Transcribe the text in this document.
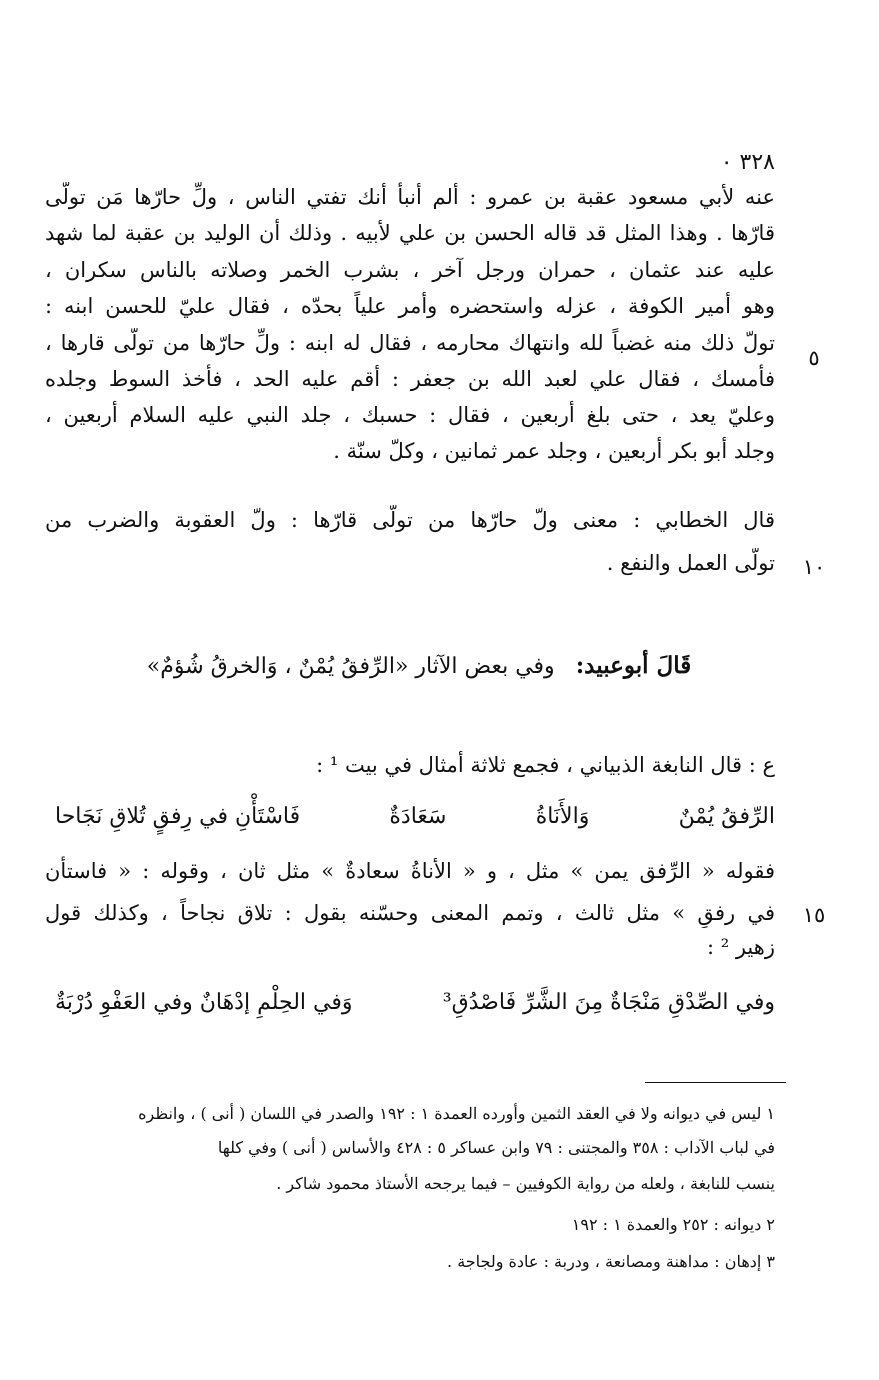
٣٢٨ ٠
عنه لأبي مسعود عقبة بن عمرو : ألم أنبأ أنك تفتي الناس ، ولِّ حارّها مَن تولّى
قارّها . وهذا المثل قد قاله الحسن بن علي لأبيه . وذلك أن الوليد بن عقبة لما شهد
عليه عند عثمان ، حمران ورجل آخر ، بشرب الخمر وصلاته بالناس سكران ،
وهو أمير الكوفة ، عزله واستحضره وأمر علياً بحدّه ، فقال عليّ للحسن ابنه :
تولّ ذلك منه غضباً لله وانتهاك محارمه ، فقال له ابنه : ولِّ حارّها من تولّى قارها ،
٥
فأمسك ، فقال علي لعبد الله بن جعفر : أقم عليه الحد ، فأخذ السوط وجلده
وعليّ يعد ، حتى بلغ أربعين ، فقال : حسبك ، جلد النبي عليه السلام أربعين ،
وجلد أبو بكر أربعين ، وجلد عمر ثمانين ، وكلّ سنّة .
قال الخطابي : معنى ولّ حارّها من تولّى قارّها : ولّ العقوبة والضرب من
تولّى العمل والنفع .	١٠
قَالَ أبوعبيد: وفي بعض الآثار «الرِّفقُ يُمْنٌ ، وَالخرقُ شُؤمٌ»
ع : قال النابغة الذبياني ، فجمع ثلاثة أمثال في بيت ¹ :
الرِّفقُ يُمْنٌ
وَالأَنَاةُ
سَعَادَةٌ
فَاسْتَأْنِ في رِفقٍ تُلاقِ نَجَاحا
فقوله « الرِّفق يمن » مثل ، و « الأناةُ سعادةٌ » مثل ثان ، وقوله : « فاستأن
في رفقٍ » مثل ثالث ، وتمم المعنى وحسّنه بقول : تلاق نجاحاً ، وكذلك قول	١٥
زهير ² :
وفي الصِّدْقِ مَنْجَاةٌ مِنَ الشَّرِّ فَاصْدُقِ³
وَفي الحِلْمِ إدْهَانٌ وفي العَفْوِ دُرْبَةٌ
١ ليس في ديوانه ولا في العقد الثمين وأورده العمدة ١ : ١٩٢ والصدر في اللسان ( أنى ) ، وانظره
في لباب الآداب : ٣٥٨ والمجتنى : ٧٩ وابن عساكر ٥ : ٤٢٨ والأساس ( أنى ) وفي كلها
ينسب للنابغة ، ولعله من رواية الكوفيين – فيما يرجحه الأستاذ محمود شاكر .
٢ ديوانه : ٢٥٢ والعمدة ١ : ١٩٢
٣ إدهان : مداهنة ومصانعة ، ودربة : عادة ولجاجة .
